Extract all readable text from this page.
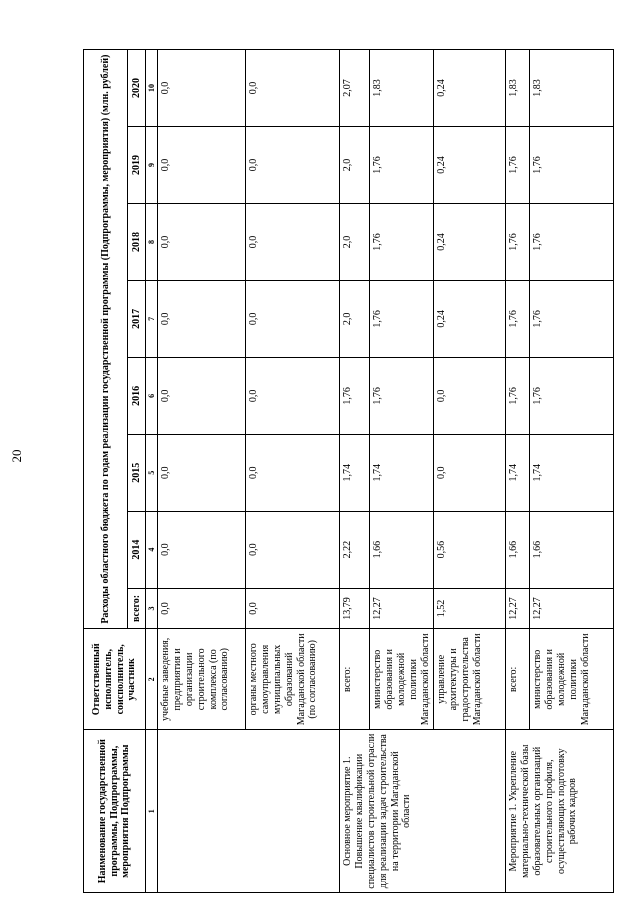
20
Наименование государственной программы, Подпрограммы, мероприятия Подпрограммы	Ответственный исполнитель, соисполнитель, участник	Расходы областного бюджета по годам реализации государственной программы (Подпрограммы, мероприятия) (млн. рублей)							
		всего:	2014	2015	2016	2017	2018	2019	2020
1	2	3	4	5	6	7	8	9	10
	учебные заведения, предприятия и организации строительного комплекса (по согласованию)	0,0	0,0	0,0	0,0	0,0	0,0	0,0	0,0
	органы местного самоуправления муниципальных образований Магаданской области (по согласованию)	0,0	0,0	0,0	0,0	0,0	0,0	0,0	0,0
Основное мероприятие 1. Повышение квалификации специалистов строительной отрасли для реализации задач строительства на территории Магаданской области	всего:	13,79	2,22	1,74	1,76	2,0	2,0	2,0	2,07
	министерство образования и молодежной политики Магаданской области	12,27	1,66	1,74	1,76	1,76	1,76	1,76	1,83
	управление архитектуры и градостроительства Магаданской области	1,52	0,56	0,0	0,0	0,24	0,24	0,24	0,24
Мероприятие 1. Укрепление материально-технической базы образовательных организаций строительного профиля, осуществляющих подготовку рабочих кадров	всего:	12,27	1,66	1,74	1,76	1,76	1,76	1,76	1,83
	министерство образования и молодежной политики Магаданской области	12,27	1,66	1,74	1,76	1,76	1,76	1,76	1,83
